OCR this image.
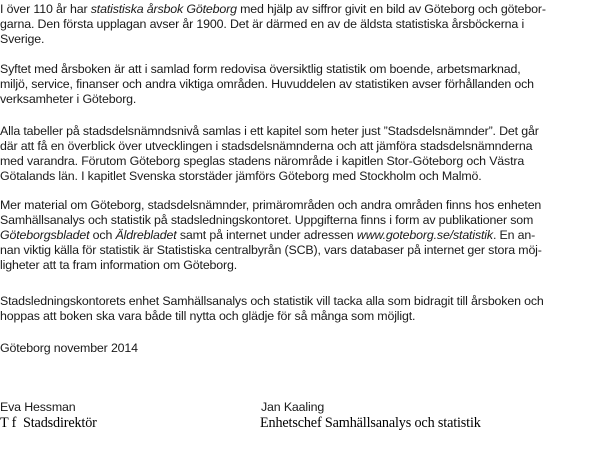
I över 110 år har statistiska årsbok Göteborg med hjälp av siffror givit en bild av Göteborg och götebor-
garna. Den första upplagan avser år 1900. Det är därmed en av de äldsta statistiska årsböckerna i
Sverige.
Syftet med årsboken är att i samlad form redovisa översiktlig statistik om boende, arbetsmarknad,
miljö, service, finanser och andra viktiga områden. Huvuddelen av statistiken avser förhållanden och
verksamheter i Göteborg.
Alla tabeller på stadsdelsnämndsnivå samlas i ett kapitel som heter just ”Stadsdelsnämnder”. Det går
där att få en överblick över utvecklingen i stadsdelsnämnderna och att jämföra stadsdelsnämnderna
med varandra. Förutom Göteborg speglas stadens närområde i kapitlen Stor-Göteborg och Västra
Götalands län. I kapitlet Svenska storstäder jämförs Göteborg med Stockholm och Malmö.
Mer material om Göteborg, stadsdelsnämnder, primärområden och andra områden finns hos enheten
Samhällsanalys och statistik på stadsledningskontoret. Uppgifterna finns i form av publikationer som
Göteborgsbladet och Äldrebladet samt på internet under adressen www.goteborg.se/statistik. En an-
nan viktig källa för statistik är Statistiska centralbyrån (SCB), vars databaser på internet ger stora möj-
ligheter att ta fram information om Göteborg.
Stadsledningskontorets enhet Samhällsanalys och statistik vill tacka alla som bidragit till årsboken och
hoppas att boken ska vara både till nytta och glädje för så många som möjligt.
Göteborg november 2014
Eva Hessman
T f  Stadsdirektör
Jan Kaaling
Enhetschef Samhällsanalys och statistik
